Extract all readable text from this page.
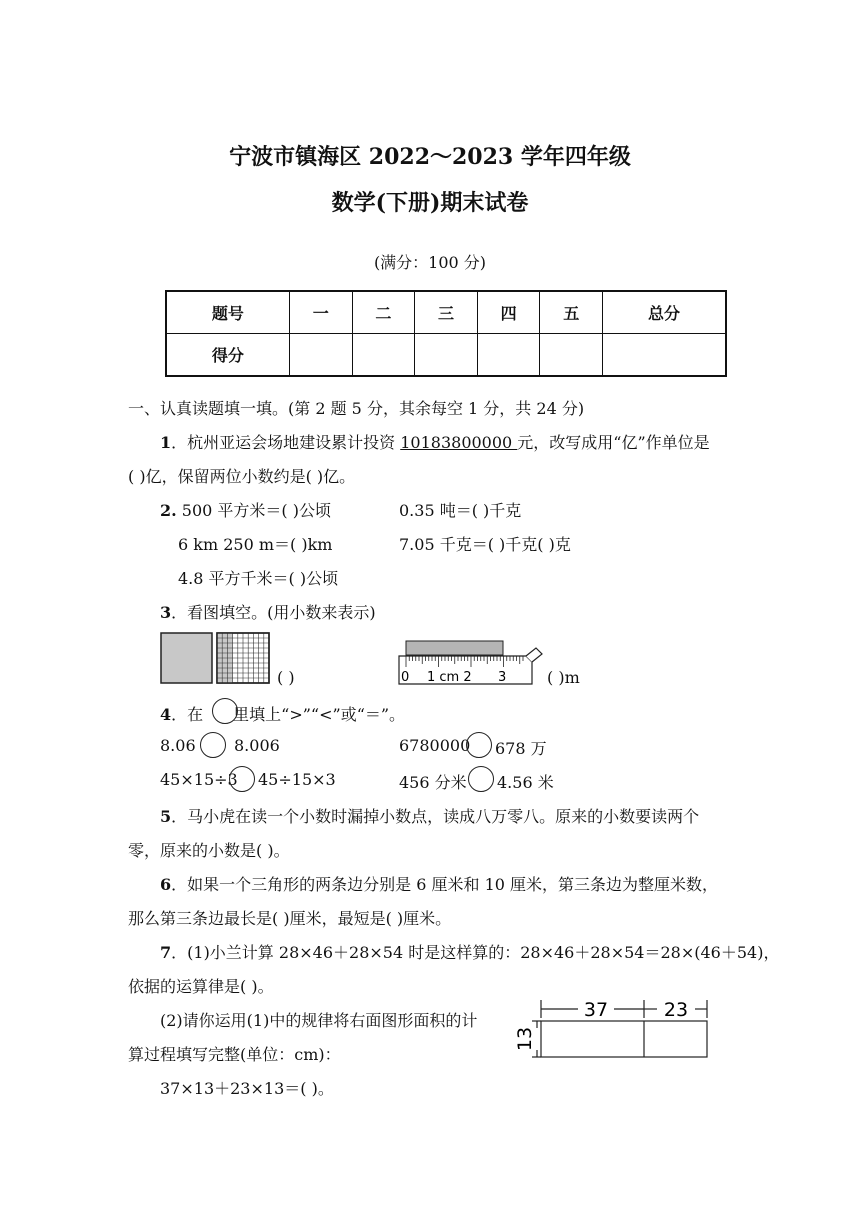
宁波市镇海区 2022～2023 学年四年级
数学(下册)期末试卷
(满分：100 分)
题号	一	二	三	四	五	总分
得分						
一、认真读题填一填。(第 2 题 5 分，其余每空 1 分，共 24 分)
1．杭州亚运会场地建设累计投资 10183800000 元，改写成用“亿”作单位是
( )亿，保留两位小数约是( )亿。
2. 500 平方米＝( )公顷	0.35 吨＝( )千克
6 km 250 m＝( )km	7.05 千克＝( )千克( )克
4.8 平方千米＝( )公顷
3．看图填空。(用小数来表示)
( )	0 1 cm 2 3	( )m
4．在 里填上“>”“<”或“＝”。
8.06 8.006	6780000 678 万
45×15÷3 45÷15×3	456 分米 4.56 米
5．马小虎在读一个小数时漏掉小数点，读成八万零八。原来的小数要读两个
零，原来的小数是( )。
6．如果一个三角形的两条边分别是 6 厘米和 10 厘米，第三条边为整厘米数，
那么第三条边最长是( )厘米，最短是( )厘米。
7．(1)小兰计算 28×46＋28×54 时是这样算的：28×46＋28×54＝28×(46＋54)，
依据的运算律是( )。
(2)请你运用(1)中的规律将右面图形面积的计
算过程填写完整(单位：cm)：
37×13＋23×13＝( )。
37	23
13
